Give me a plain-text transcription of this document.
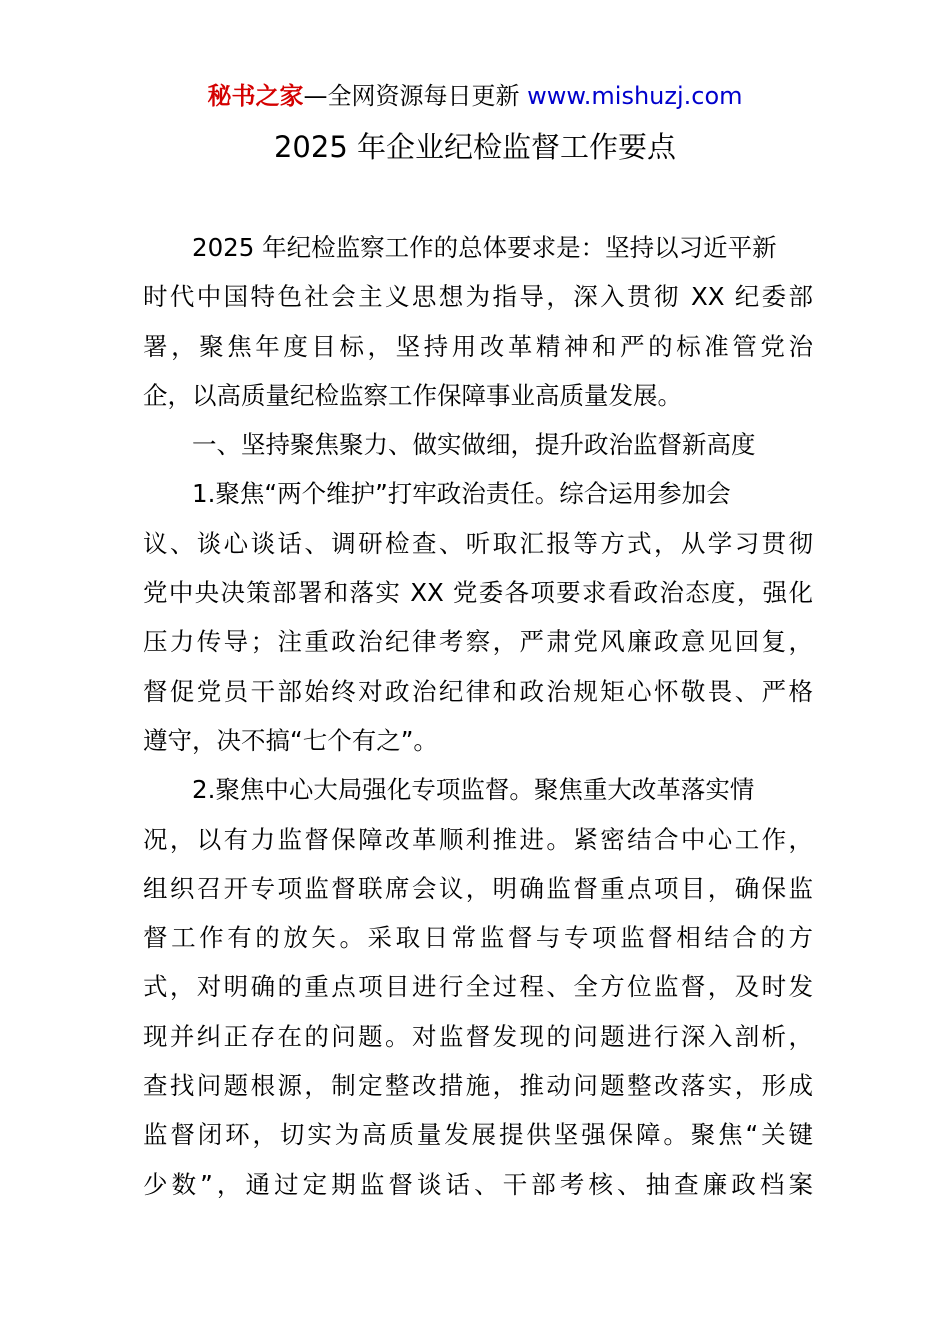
秘书之家—全网资源每日更新 www.mishuzj.com
2025 年企业纪检监督工作要点
2025 年纪检监察工作的总体要求是：坚持以习近平新
时代中国特色社会主义思想为指导，深入贯彻 XX 纪委部
署，聚焦年度目标，坚持用改革精神和严的标准管党治
企，以高质量纪检监察工作保障事业高质量发展。
一、坚持聚焦聚力、做实做细，提升政治监督新高度
1.聚焦“两个维护”打牢政治责任。综合运用参加会
议、谈心谈话、调研检查、听取汇报等方式，从学习贯彻
党中央决策部署和落实 XX 党委各项要求看政治态度，强化
压力传导；注重政治纪律考察，严肃党风廉政意见回复，
督促党员干部始终对政治纪律和政治规矩心怀敬畏、严格
遵守，决不搞“七个有之”。
2.聚焦中心大局强化专项监督。聚焦重大改革落实情
况，以有力监督保障改革顺利推进。紧密结合中心工作，
组织召开专项监督联席会议，明确监督重点项目，确保监
督工作有的放矢。采取日常监督与专项监督相结合的方
式，对明确的重点项目进行全过程、全方位监督，及时发
现并纠正存在的问题。对监督发现的问题进行深入剖析，
查找问题根源，制定整改措施，推动问题整改落实，形成
监督闭环，切实为高质量发展提供坚强保障。聚焦“关键
少数”，通过定期监督谈话、干部考核、抽查廉政档案
